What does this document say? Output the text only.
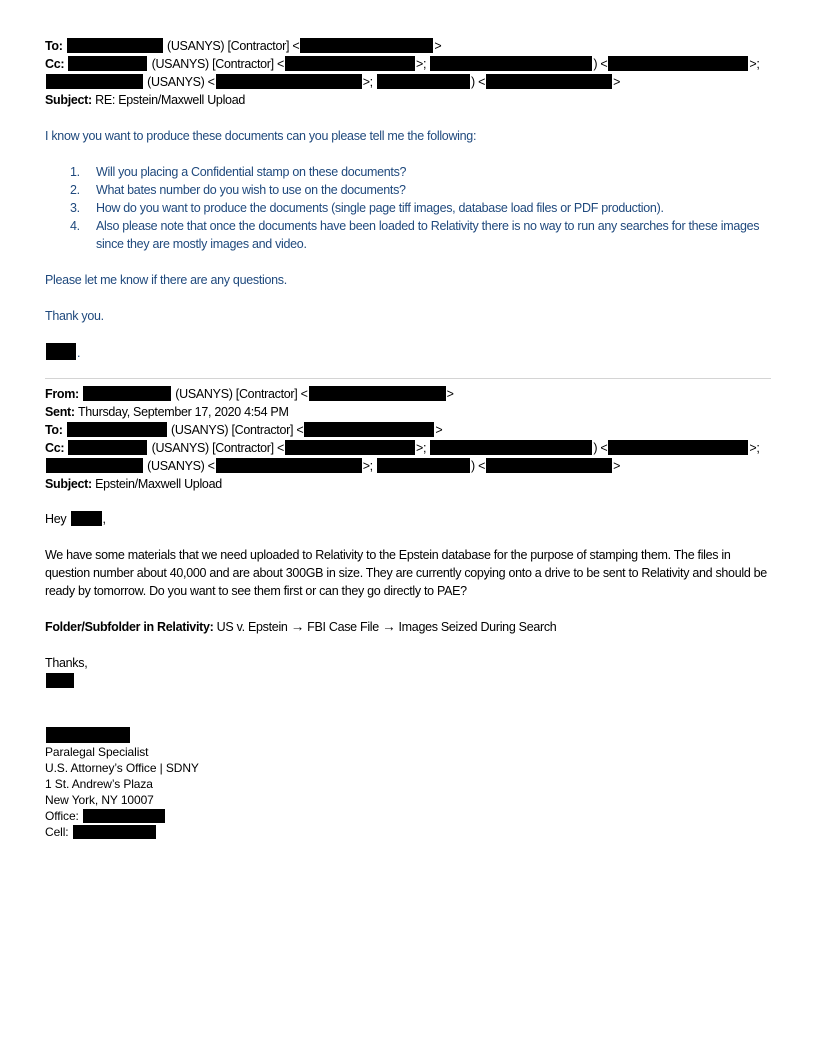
To:	(USANYS) [Contractor] <	>
Cc:	(USANYS) [Contractor] <	>;	) <	>;
(USANYS) <	>;	) <	>
Subject: RE: Epstein/Maxwell Upload
I know you want to produce these documents can you please tell me the following:
1.	Will you placing a Confidential stamp on these documents?
2.	What bates number do you wish to use on the documents?
3.	How do you want to produce the documents (single page tiff images, database load files or PDF production).
4.	Also please note that once the documents have been loaded to Relativity there is no way to run any searches for these images since they are mostly images and video.
Please let me know if there are any questions.
Thank you.
.
From:	(USANYS) [Contractor] <	>
Sent: Thursday, September 17, 2020 4:54 PM
To:	(USANYS) [Contractor] <	>
Cc:	(USANYS) [Contractor] <	>;	) <	>;
(USANYS) <	>;	) <	>
Subject: Epstein/Maxwell Upload
Hey	,
We have some materials that we need uploaded to Relativity to the Epstein database for the purpose of stamping them. The files in question number about 40,000 and are about 300GB in size. They are currently copying onto a drive to be sent to Relativity and should be ready by tomorrow. Do you want to see them first or can they go directly to PAE?
Folder/Subfolder in Relativity: US v. Epstein → FBI Case File → Images Seized During Search
Thanks,
Paralegal Specialist
U.S. Attorney’s Office | SDNY
1 St. Andrew’s Plaza
New York, NY 10007
Office:
Cell:
